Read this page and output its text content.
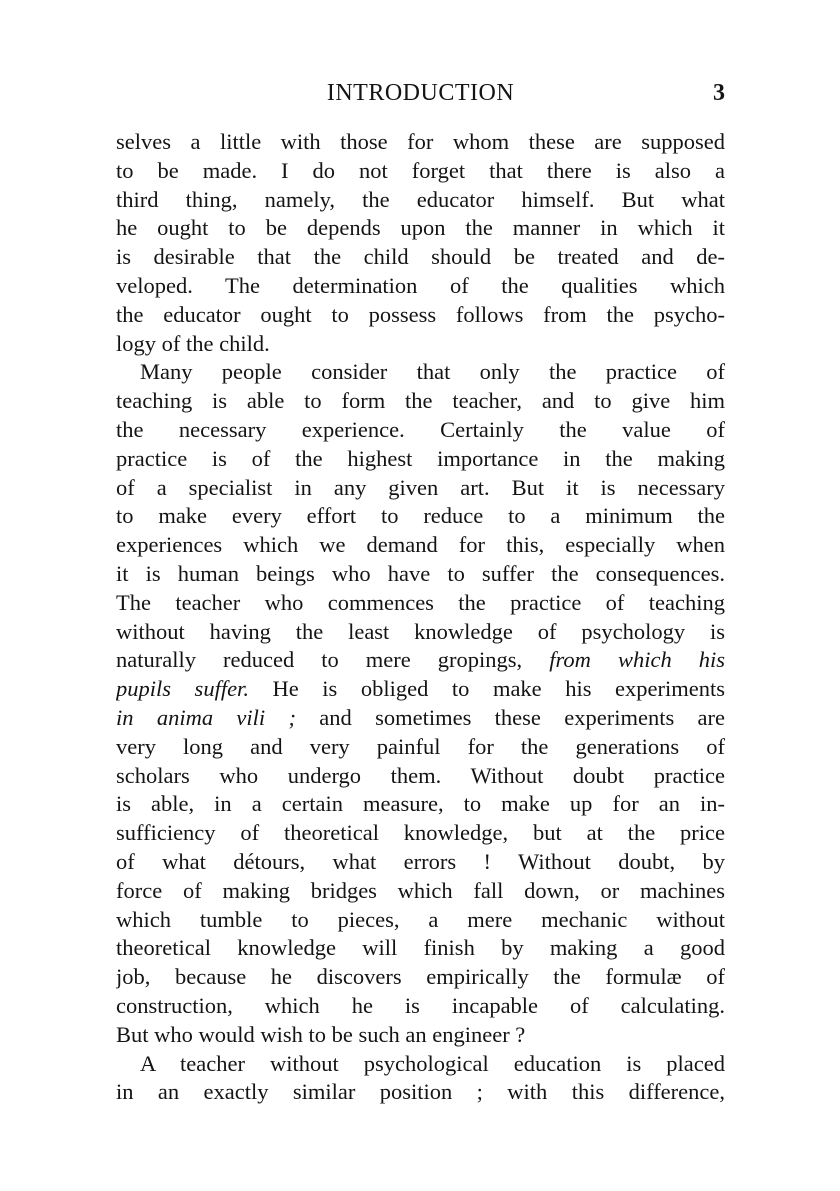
INTRODUCTION	3
selves a little with those for whom these are supposed
to be made. I do not forget that there is also a
third thing, namely, the educator himself. But what
he ought to be depends upon the manner in which it
is desirable that the child should be treated and de-
veloped. The determination of the qualities which
the educator ought to possess follows from the psycho-
logy of the child.
Many people consider that only the practice of
teaching is able to form the teacher, and to give him
the necessary experience. Certainly the value of
practice is of the highest importance in the making
of a specialist in any given art. But it is necessary
to make every effort to reduce to a minimum the
experiences which we demand for this, especially when
it is human beings who have to suffer the consequences.
The teacher who commences the practice of teaching
without having the least knowledge of psychology is
naturally reduced to mere gropings, from which his
pupils suffer. He is obliged to make his experiments
in anima vili ; and sometimes these experiments are
very long and very painful for the generations of
scholars who undergo them. Without doubt practice
is able, in a certain measure, to make up for an in-
sufficiency of theoretical knowledge, but at the price
of what détours, what errors ! Without doubt, by
force of making bridges which fall down, or machines
which tumble to pieces, a mere mechanic without
theoretical knowledge will finish by making a good
job, because he discovers empirically the formulæ of
construction, which he is incapable of calculating.
But who would wish to be such an engineer ?
A teacher without psychological education is placed
in an exactly similar position ; with this difference,
